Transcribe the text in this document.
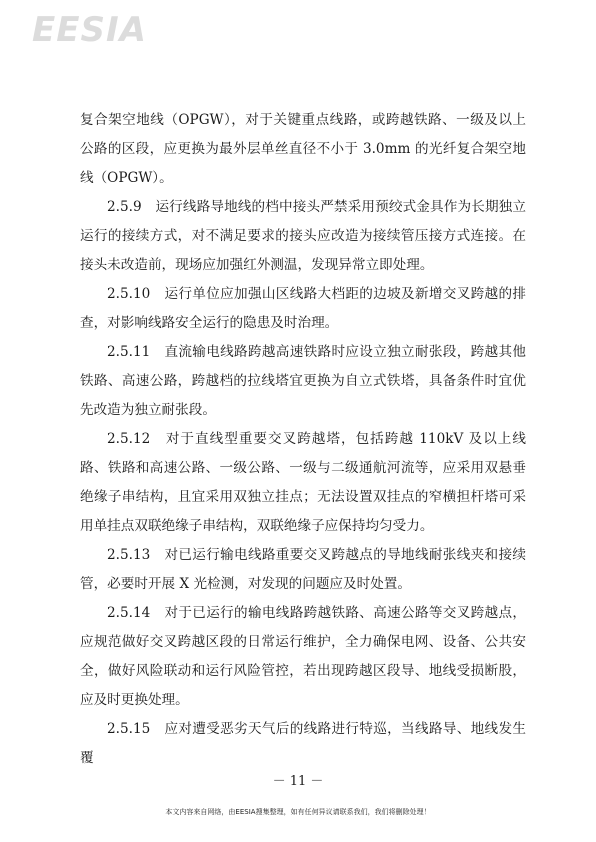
EESIA

复合架空地线（OPGW），对于关键重点线路，或跨越铁路、一级及以上公路的区段，应更换为最外层单丝直径不小于 3.0mm 的光纤复合架空地线（OPGW）。

2.5.9　运行线路导地线的档中接头严禁采用预绞式金具作为长期独立运行的接续方式，对不满足要求的接头应改造为接续管压接方式连接。在接头未改造前，现场应加强红外测温，发现异常立即处理。

2.5.10　运行单位应加强山区线路大档距的边坡及新增交叉跨越的排查，对影响线路安全运行的隐患及时治理。

2.5.11　直流输电线路跨越高速铁路时应设立独立耐张段，跨越其他铁路、高速公路，跨越档的拉线塔宜更换为自立式铁塔，具备条件时宜优先改造为独立耐张段。

2.5.12　对于直线型重要交叉跨越塔，包括跨越 110kV 及以上线路、铁路和高速公路、一级公路、一级与二级通航河流等，应采用双悬垂绝缘子串结构，且宜采用双独立挂点；无法设置双挂点的窄横担杆塔可采用单挂点双联绝缘子串结构，双联绝缘子应保持均匀受力。

2.5.13　对已运行输电线路重要交叉跨越点的导地线耐张线夹和接续管，必要时开展 X 光检测，对发现的问题应及时处置。

2.5.14　对于已运行的输电线路跨越铁路、高速公路等交叉跨越点，应规范做好交叉跨越区段的日常运行维护，全力确保电网、设备、公共安全，做好风险联动和运行风险管控，若出现跨越区段导、地线受损断股，应及时更换处理。

2.5.15　应对遭受恶劣天气后的线路进行特巡，当线路导、地线发生覆

－ 11 －
本文内容来自网络，由EESIA搜集整理，如有任何异议请联系我们，我们将删除处理！
